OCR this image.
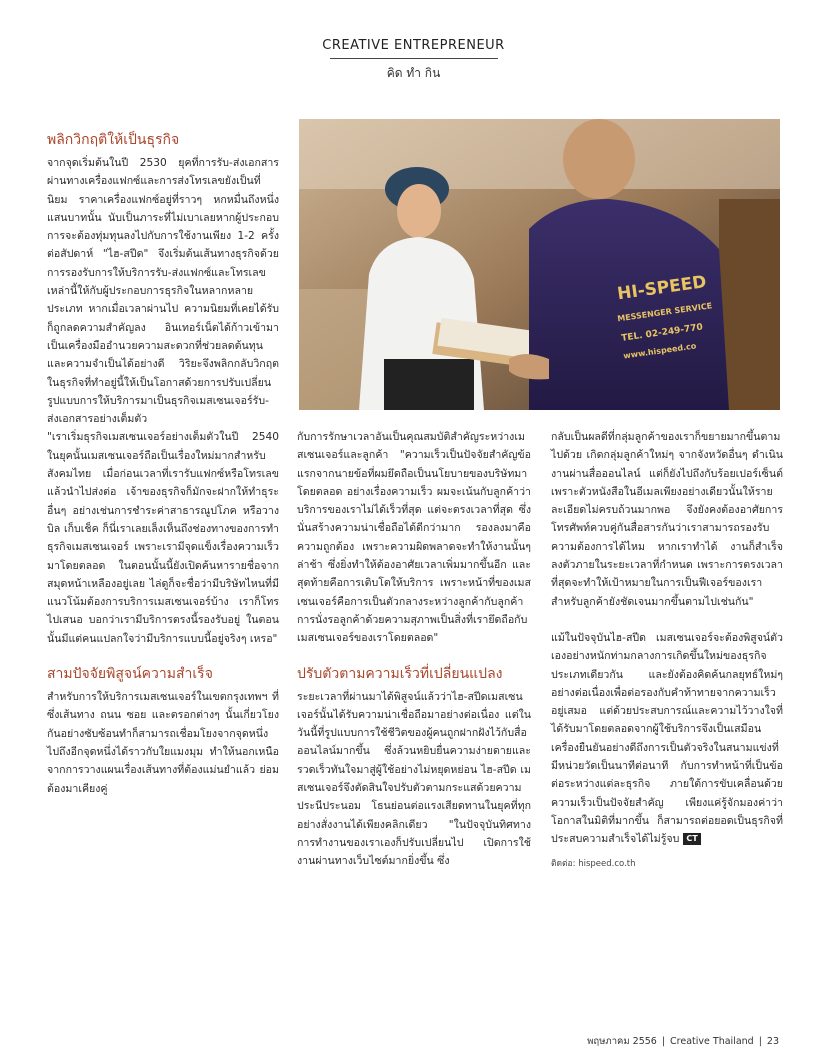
CREATIVE ENTREPRENEUR
คิด ทำ กิน
HI-SPEED
MESSENGER SERVICE
TEL. 02-249-770
www.hispeed.co
พลิกวิกฤติให้เป็นธุรกิจ

จากจุดเริ่มต้นในปี 2530 ยุคที่การรับ-ส่งเอกสารผ่านทางเครื่องแฟกซ์และการส่งโทรเลขยังเป็นที่นิยม ราคาเครื่องแฟกซ์อยู่ที่ราวๆ หกหมื่นถึงหนึ่งแสนบาทนั้น นับเป็นภาระที่ไม่เบาเลยหากผู้ประกอบการจะต้องทุ่มทุนลงไปกับการใช้งานเพียง 1-2 ครั้งต่อสัปดาห์ "ไฮ-สปีด" จึงเริ่มต้นเส้นทางธุรกิจด้วยการรองรับการให้บริการรับ-ส่งแฟกซ์และโทรเลขเหล่านี้ให้กับผู้ประกอบการธุรกิจในหลากหลายประเภท หากเมื่อเวลาผ่านไป ความนิยมที่เคยได้รับก็ถูกลดความสำคัญลง อินเทอร์เน็ตได้ก้าวเข้ามาเป็นเครื่องมืออำนวยความสะดวกที่ช่วยลดต้นทุนและความจำเป็นได้อย่างดี วิริยะจึงพลิกกลับวิกฤตในธุรกิจที่ทำอยู่นี้ให้เป็นโอกาสด้วยการปรับเปลี่ยนรูปแบบการให้บริการมาเป็นธุรกิจเมสเซนเจอร์รับ-ส่งเอกสารอย่างเต็มตัว

"เราเริ่มธุรกิจเมสเซนเจอร์อย่างเต็มตัวในปี 2540 ในยุคนั้นเมสเซนเจอร์ถือเป็นเรื่องใหม่มากสำหรับสังคมไทย เมื่อก่อนเวลาที่เรารับแฟกซ์หรือโทรเลขแล้วนำไปส่งต่อ เจ้าของธุรกิจก็มักจะฝากให้ทำธุระอื่นๆ อย่างเช่นการชำระค่าสาธารณูปโภค หรือวางบิล เก็บเช็ค ก็นี่เราเลยเล็งเห็นถึงช่องทางของการทำธุรกิจเมสเซนเจอร์ เพราะเรามีจุดแข็งเรื่องความเร็วมาโดยตลอด ในตอนนั้นนี้ยังเปิดค้นหารายชื่อจากสมุดหน้าเหลืองอยู่เลย ไล่ดูก็จะชื่อว่ามีบริษัทไหนที่มีแนวโน้มต้องการบริการเมสเซนเจอร์บ้าง เราก็โทรไปเสนอ บอกว่าเรามีบริการตรงนี้รองรับอยู่ ในตอนนั้นมีแต่คนแปลกใจว่ามีบริการแบบนี้อยู่จริงๆ เหรอ"

สามปัจจัยพิสูจน์ความสำเร็จ

สำหรับการให้บริการเมสเซนเจอร์ในเขตกรุงเทพฯ ที่ซึ่งเส้นทาง ถนน ซอย และตรอกต่างๆ นั้นเกี่ยวโยงกันอย่างซับซ้อนทำก็สามารถเชื่อมโยงจากจุดหนึ่งไปถึงอีกจุดหนึ่งได้ราวกับใยแมงมุม ทำให้นอกเหนือจากการวางแผนเรื่องเส้นทางที่ต้องแม่นยำแล้ว ย่อมต้องมาเคียงคู่

กับการรักษาเวลาอันเป็นคุณสมบัติสำคัญระหว่างเมสเซนเจอร์และลูกค้า "ความเร็วเป็นปัจจัยสำคัญข้อแรกจากนายข้อที่ผมยึดถือเป็นนโยบายของบริษัทมาโดยตลอด อย่างเรื่องความเร็ว ผมจะเน้นกับลูกค้าว่าบริการของเราไม่ได้เร็วที่สุด แต่จะตรงเวลาที่สุด ซึ่งนั่นสร้างความน่าเชื่อถือได้ดีกว่ามาก รองลงมาคือความถูกต้อง เพราะความผิดพลาดจะทำให้งานนั้นๆ ล่าช้า ซึ่งยิ่งทำให้ต้องอาศัยเวลาเพิ่มมากขึ้นอีก และสุดท้ายคือการเติบโตให้บริการ เพราะหน้าที่ของเมสเซนเจอร์คือการเป็นตัวกลางระหว่างลูกค้ากับลูกค้า การนั่งรอลูกค้าด้วยความสุภาพเป็นสิ่งที่เรายึดถือกับเมสเซนเจอร์ของเราโดยตลอด"

ปรับตัวตามความเร็วที่เปลี่ยนแปลง

ระยะเวลาที่ผ่านมาได้พิสูจน์แล้วว่าไฮ-สปีดเมสเซนเจอร์นั้นได้รับความน่าเชื่อถือมาอย่างต่อเนื่อง แต่ในวันนี้ที่รูปแบบการใช้ชีวิตของผู้คนถูกฝากฝังไว้กับสื่อออนไลน์มากขึ้น ซึ่งล้วนหยิบยื่นความง่ายดายและรวดเร็วทันใจมาสู่ผู้ใช้อย่างไม่หยุดหย่อน ไฮ-สปีด เมสเซนเจอร์จึงตัดสินใจปรับตัวตามกระแสด้วยความประนีประนอม โธนย่อนต่อแรงเสียดทานในยุคที่ทุกอย่างสั่งงานได้เพียงคลิกเดียว "ในปัจจุบันทิศทางการทำงานของเราเองก็ปรับเปลี่ยนไป เปิดการใช้งานผ่านทางเว็บไซต์มากยิ่งขึ้น ซึ่ง

กลับเป็นผลดีที่กลุ่มลูกค้าของเราก็ขยายมากขึ้นตามไปด้วย เกิดกลุ่มลูกค้าใหม่ๆ จากจังหวัดอื่นๆ ดำเนินงานผ่านสื่อออนไลน์ แต่ก็ยังไปถึงกับร้อยเปอร์เซ็นต์ เพราะตัวหนังสือในอีเมลเพียงอย่างเดียวนั้นให้รายละเอียดไม่ครบถ้วนมากพอ จึงยังคงต้องอาศัยการโทรศัพท์ควบคู่กันสื่อสารกันว่าเราสามารถรองรับความต้องการได้ไหม หากเราทำได้ งานก็สำเร็จลงตัวภายในระยะเวลาที่กำหนด เพราะการตรงเวลาที่สุดจะทำให้เป้าหมายในการเป็นฟีเจอร์ของเราสำหรับลูกค้ายังชัดเจนมากขึ้นตามไปเช่นกัน"

แม้ในปัจจุบันไฮ-สปีด เมสเซนเจอร์จะต้องพิสูจน์ตัวเองอย่างหนักท่ามกลางการเกิดขึ้นใหม่ของธุรกิจประเภทเดียวกัน และยังต้องคิดค้นกลยุทธ์ใหม่ๆ อย่างต่อเนื่องเพื่อต่อรองกับคำท้าทายจากความเร็วอยู่เสมอ แต่ด้วยประสบการณ์และความไว้วางใจที่ได้รับมาโดยตลอดจากผู้ใช้บริการจึงเป็นเสมือนเครื่องยืนยันอย่างดีถึงการเป็นตัวจริงในสนามแข่งที่มีหน่วยวัดเป็นนาทีต่อนาที กับการทำหน้าที่เป็นข้อต่อระหว่างแต่ละธุรกิจ ภายใต้การขับเคลื่อนด้วยความเร็วเป็นปัจจัยสำคัญ เพียงแค่รู้จักมองค่าว่าโอกาสในมิติที่มากขึ้น ก็สามารถต่อยอดเป็นธุรกิจที่ประสบความสำเร็จได้ไม่รู้จบ CT

ติดต่อ: hispeed.co.th
พฤษภาคม 2556 | Creative Thailand | 23
